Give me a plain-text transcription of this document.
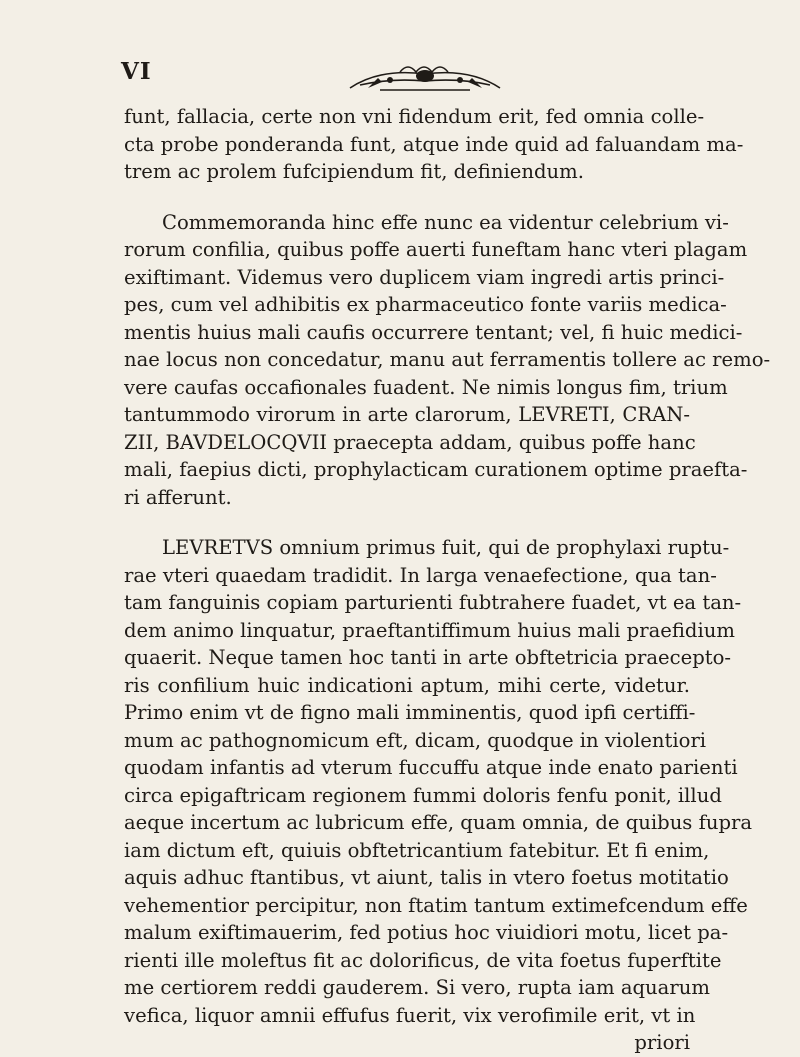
VI
funt, fallacia, certe non vni fidendum erit, fed omnia colle-
cta probe ponderanda funt, atque inde quid ad faluandam ma-
trem ac prolem fufcipiendum fit, definiendum.
Commemoranda hinc effe nunc ea videntur celebrium vi-
rorum confilia, quibus poffe auerti funeftam hanc vteri plagam
exiftimant. Videmus vero duplicem viam ingredi artis princi-
pes, cum vel adhibitis ex pharmaceutico fonte variis medica-
mentis huius mali caufis occurrere tentant; vel, fi huic medici-
nae locus non concedatur, manu aut ferramentis tollere ac remo-
vere caufas occafionales fuadent. Ne nimis longus fim, trium
tantummodo virorum in arte clarorum, LEVRETI, CRAN-
ZII, BAVDELOCQVII praecepta addam, quibus poffe hanc
mali, faepius dicti, prophylacticam curationem optime praefta-
ri afferunt.
LEVRETVS omnium primus fuit, qui de prophylaxi ruptu-
rae vteri quaedam tradidit. In larga venaefectione, qua tan-
tam fanguinis copiam parturienti fubtrahere fuadet, vt ea tan-
dem animo linquatur, praeftantiffimum huius mali praefidium
quaerit. Neque tamen hoc tanti in arte obftetricia praecepto-
ris confilium huic indicationi aptum, mihi certe, videtur.
Primo enim vt de figno mali imminentis, quod ipfi certiffi-
mum ac pathognomicum eft, dicam, quodque in violentiori
quodam infantis ad vterum fuccuffu atque inde enato parienti
circa epigaftricam regionem fummi doloris fenfu ponit, illud
aeque incertum ac lubricum effe, quam omnia, de quibus fupra
iam dictum eft, quiuis obftetricantium fatebitur. Et fi enim,
aquis adhuc ftantibus, vt aiunt, talis in vtero foetus motitatio
vehementior percipitur, non ftatim tantum extimefcendum effe
malum exiftimauerim, fed potius hoc viuidiori motu, licet pa-
rienti ille moleftus fit ac dolorificus, de vita foetus fuperftite
me certiorem reddi gauderem. Si vero, rupta iam aquarum
vefica, liquor amnii effufus fuerit, vix verofimile erit, vt in
priori
